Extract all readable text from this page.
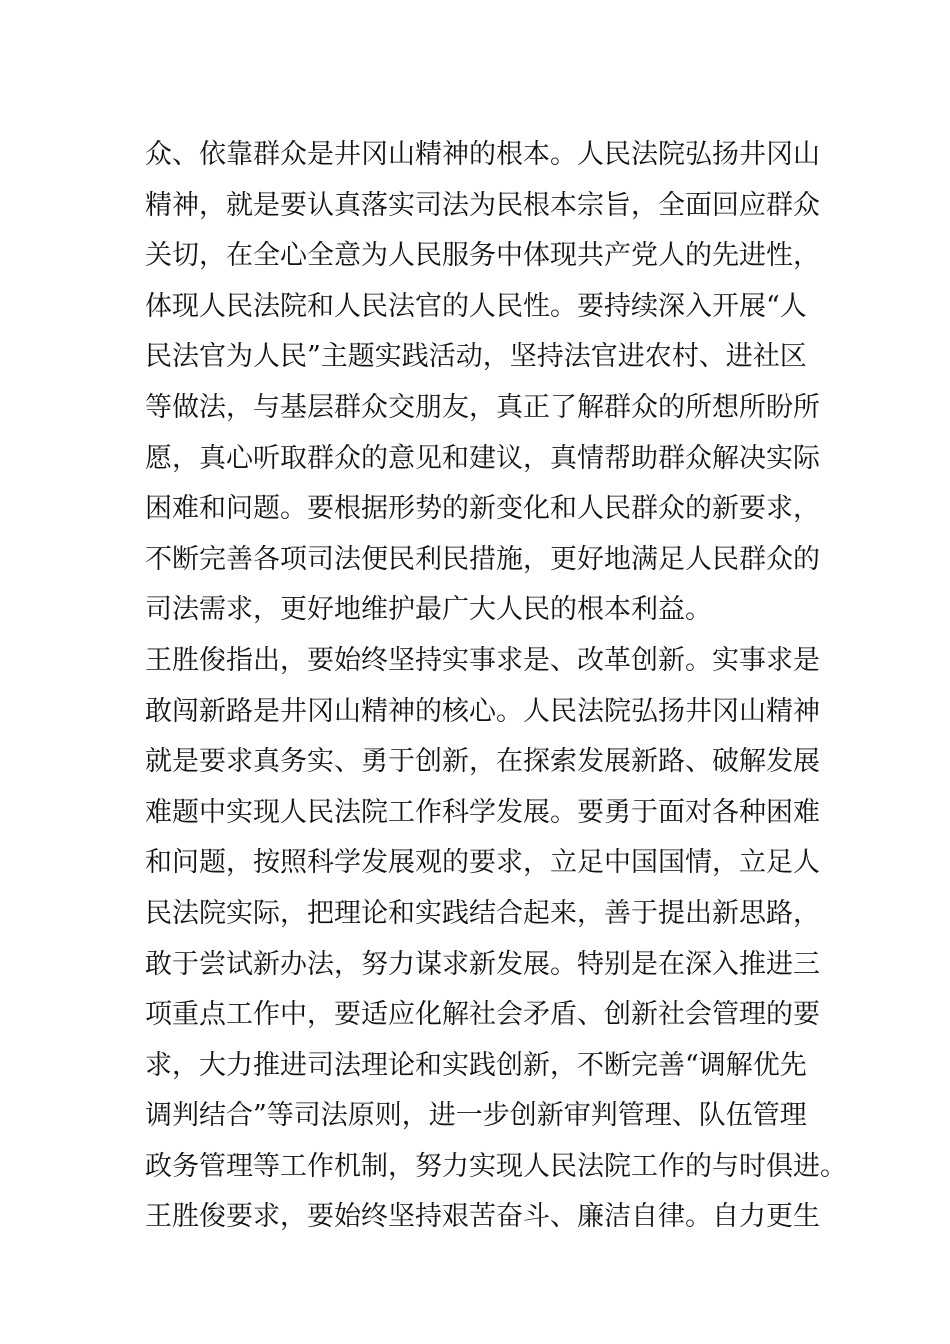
众、依靠群众是井冈山精神的根本。人民法院弘扬井冈山
精神，就是要认真落实司法为民根本宗旨，全面回应群众
关切，在全心全意为人民服务中体现共产党人的先进性，
体现人民法院和人民法官的人民性。要持续深入开展“人
民法官为人民”主题实践活动，坚持法官进农村、进社区
等做法，与基层群众交朋友，真正了解群众的所想所盼所
愿，真心听取群众的意见和建议，真情帮助群众解决实际
困难和问题。要根据形势的新变化和人民群众的新要求，
不断完善各项司法便民利民措施，更好地满足人民群众的
司法需求，更好地维护最广大人民的根本利益。
王胜俊指出，要始终坚持实事求是、改革创新。实事求是
敢闯新路是井冈山精神的核心。人民法院弘扬井冈山精神
就是要求真务实、勇于创新，在探索发展新路、破解发展
难题中实现人民法院工作科学发展。要勇于面对各种困难
和问题，按照科学发展观的要求，立足中国国情，立足人
民法院实际，把理论和实践结合起来，善于提出新思路，
敢于尝试新办法，努力谋求新发展。特别是在深入推进三
项重点工作中，要适应化解社会矛盾、创新社会管理的要
求，大力推进司法理论和实践创新，不断完善“调解优先
调判结合”等司法原则，进一步创新审判管理、队伍管理
政务管理等工作机制，努力实现人民法院工作的与时俱进。
王胜俊要求，要始终坚持艰苦奋斗、廉洁自律。自力更生
